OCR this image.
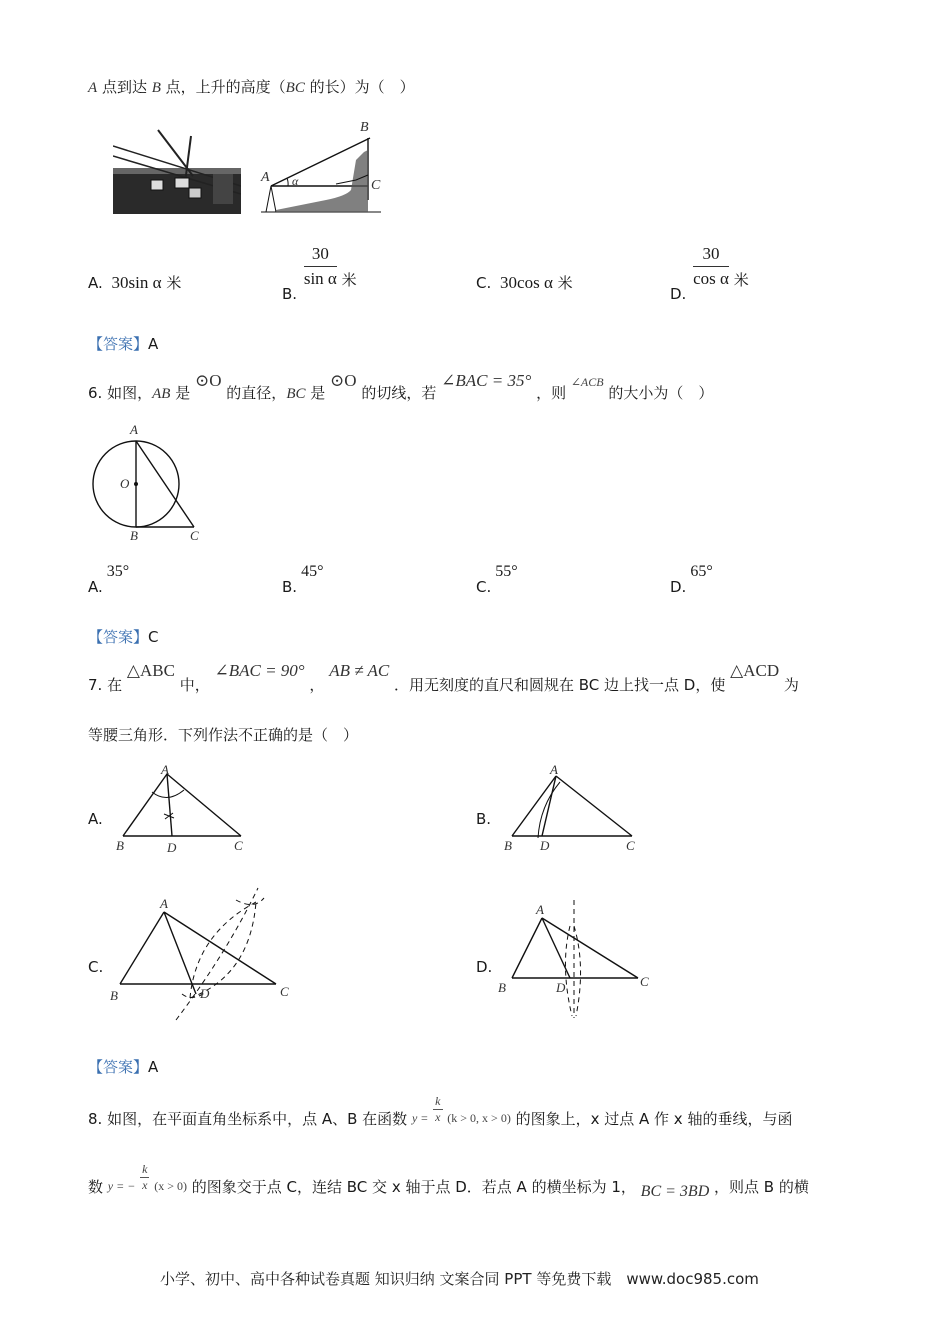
A 点到达 B 点，上升的高度（BC 的长）为（　）
B
A α	C
A. 30sin α 米
B.
$\frac{30}{\text{sin α}}$ 米	C. 30cos α 米
D.
$\frac{30}{\text{cos α}}$ 米
【答案】A
6. 如图，AB 是 ⊙O 的直径，BC 是 ⊙O 的切线，若 ∠BAC = 35° ，则 ∠ACB 的大小为（　）
A
O
B	C
A.35°
B.45°
C.55°
D.65°
【答案】C
7. 在 △ABC 中， ∠BAC = 90° ， AB ≠ AC ．用无刻度的直尺和圆规在 BC 边上找一点 D，使 △ACD 为
等腰三角形．下列作法不正确的是（　）
A.
A
B	D	C
B.
A
B D	C
C.
A
B	D	C
D.
A
B	D	C
【答案】A
8. 如图，在平面直角坐标系中，点 A、B 在函数 $_{y =} \frac{k}{x} _{(k > 0, x > 0)}$ 的图象上，x 过点 A 作 x 轴的垂线，与函
数 $_{y = -} \frac{k}{x} _{(x > 0)}$ 的图象交于点 C，连结 BC 交 x 轴于点 D．若点 A 的横坐标为 1， BC = 3BD ，则点 B 的横
小学、初中、高中各种试卷真题 知识归纳 文案合同 PPT 等免费下载　www.doc985.com
